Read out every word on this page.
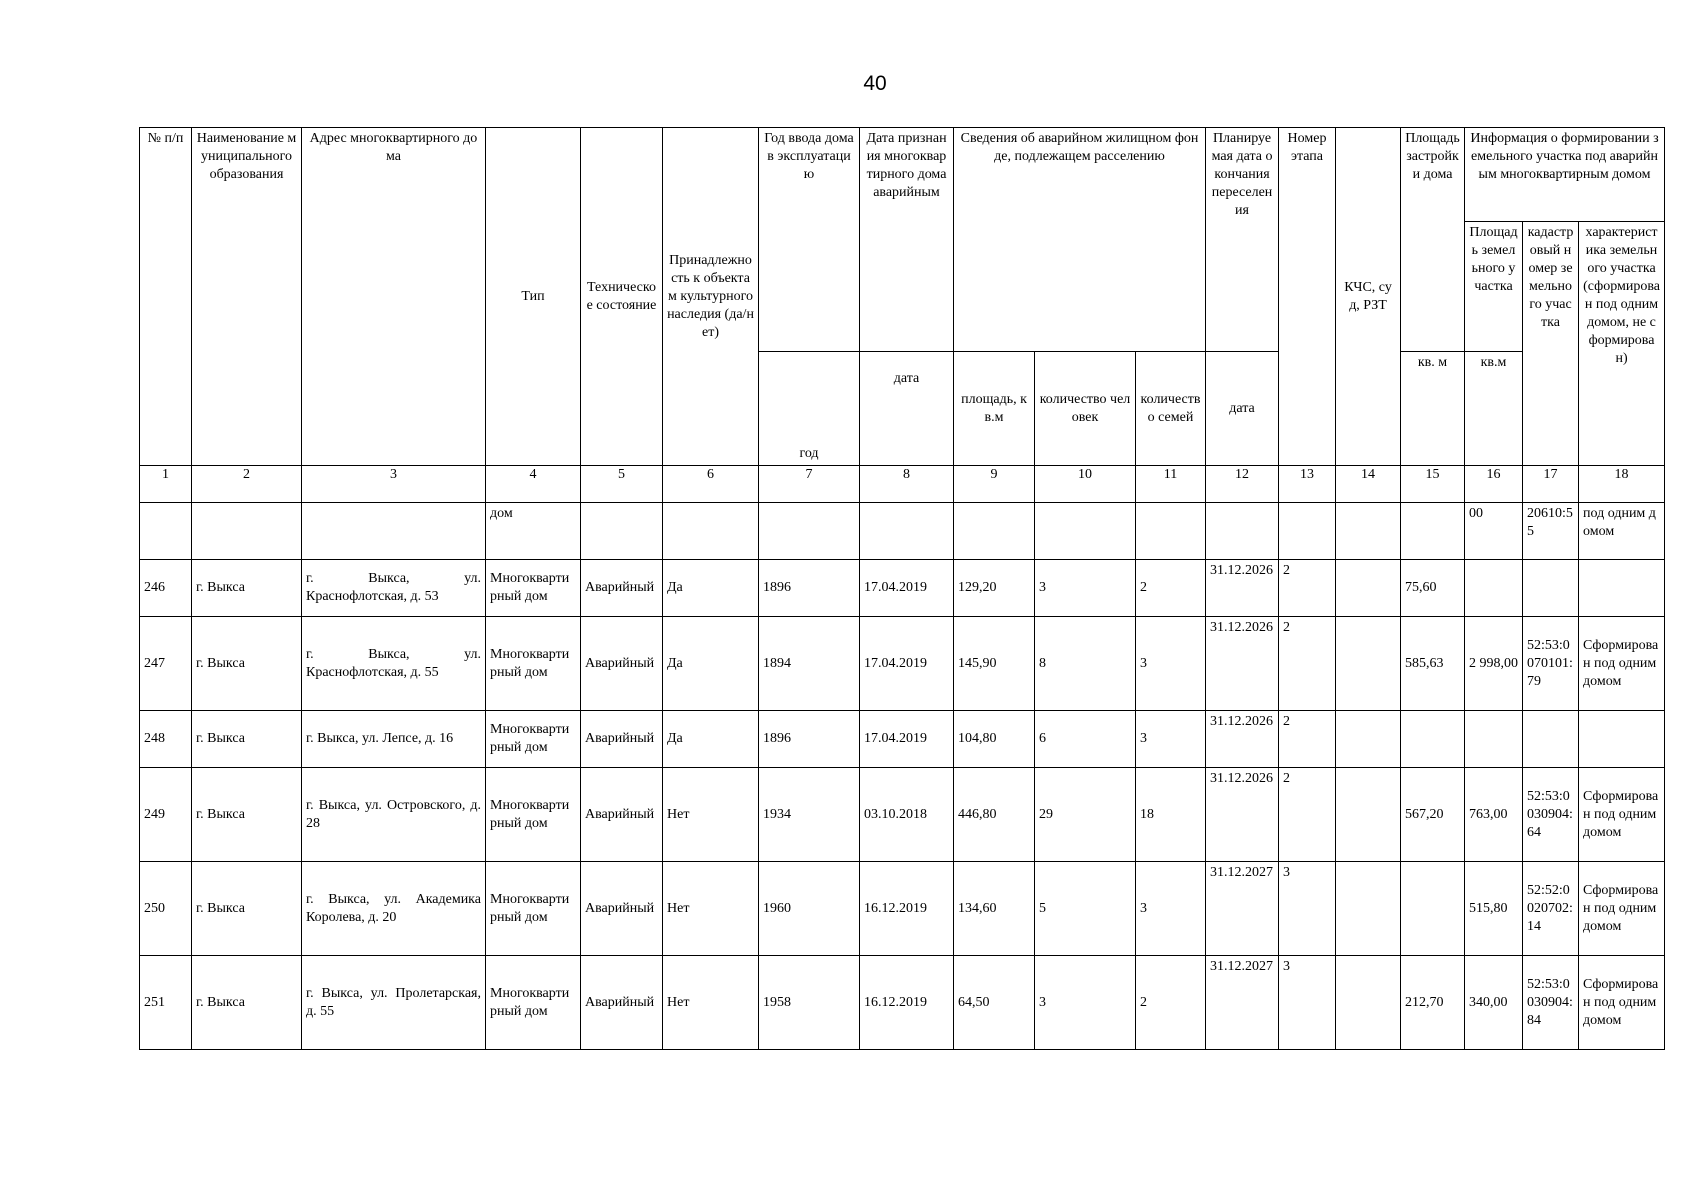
40
№ п/п	Наименование муниципального образования	Адрес многоквартирного дома	Тип	Техническое состояние	Принадлежность к объектам культурного наследия (да/нет)	Год ввода дома в эксплуатацию	Дата признания многоквартирного дома аварийным	Сведения об аварийном жилищном фонде, подлежащем расселению			Планируемая дата окончания переселения	Номер этапа	КЧС, суд, РЗТ	Площадь застройки дома	Информация о формировании земельного участка под аварийным многоквартирным домом		
															Площадь земельного участка	кадастровый номер земельного участка	характеристика земельного участка (сформирован под одним домом, не сформирован)
						год	дата	площадь, кв.м	количество человек	количество семей	дата			кв. м	кв.м		
1	2	3	4	5	6	7	8	9	10	11	12	13	14	15	16	17	18
			дом												00	20610:55	под одним домом
246	г. Выкса	г. Выкса, ул. Краснофлотская, д. 53	Многоквартирный дом	Аварийный	Да	1896	17.04.2019	129,20	3	2	31.12.2026	2		75,60			
247	г. Выкса	г. Выкса, ул. Краснофлотская, д. 55	Многоквартирный дом	Аварийный	Да	1894	17.04.2019	145,90	8	3	31.12.2026	2		585,63	2 998,00	52:53:0070101:79	Сформирован под одним домом
248	г. Выкса	г. Выкса, ул. Лепсе, д. 16	Многоквартирный дом	Аварийный	Да	1896	17.04.2019	104,80	6	3	31.12.2026	2					
249	г. Выкса	г. Выкса, ул. Островского, д. 28	Многоквартирный дом	Аварийный	Нет	1934	03.10.2018	446,80	29	18	31.12.2026	2		567,20	763,00	52:53:0030904:64	Сформирован под одним домом
250	г. Выкса	г. Выкса, ул. Академика Королева, д. 20	Многоквартирный дом	Аварийный	Нет	1960	16.12.2019	134,60	5	3	31.12.2027	3			515,80	52:52:0020702:14	Сформирован под одним домом
251	г. Выкса	г. Выкса, ул. Пролетарская, д. 55	Многоквартирный дом	Аварийный	Нет	1958	16.12.2019	64,50	3	2	31.12.2027	3		212,70	340,00	52:53:0030904:84	Сформирован под одним домом
